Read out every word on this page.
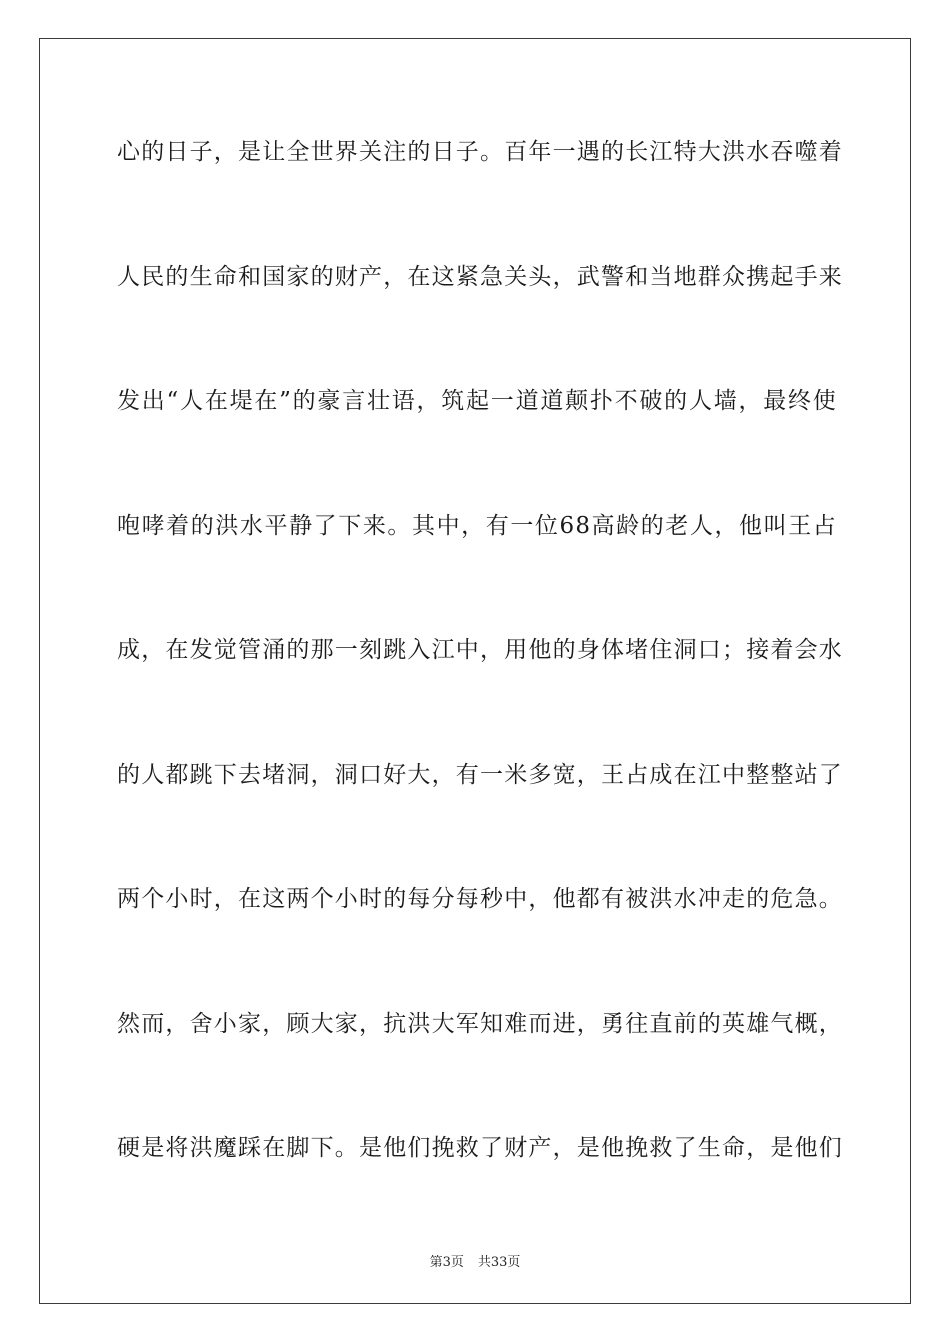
心的日子，是让全世界关注的日子。百年一遇的长江特大洪水吞噬着
人民的生命和国家的财产，在这紧急关头，武警和当地群众携起手来
发出“人在堤在”的豪言壮语，筑起一道道颠扑不破的人墙，最终使
咆哮着的洪水平静了下来。其中，有一位68高龄的老人，他叫王占
成，在发觉管涌的那一刻跳入江中，用他的身体堵住洞口；接着会水
的人都跳下去堵洞，洞口好大，有一米多宽，王占成在江中整整站了
两个小时，在这两个小时的每分每秒中，他都有被洪水冲走的危急。
然而，舍小家，顾大家，抗洪大军知难而进，勇往直前的英雄气概，
硬是将洪魔踩在脚下。是他们挽救了财产，是他挽救了生命，是他们
第3页 共33页
